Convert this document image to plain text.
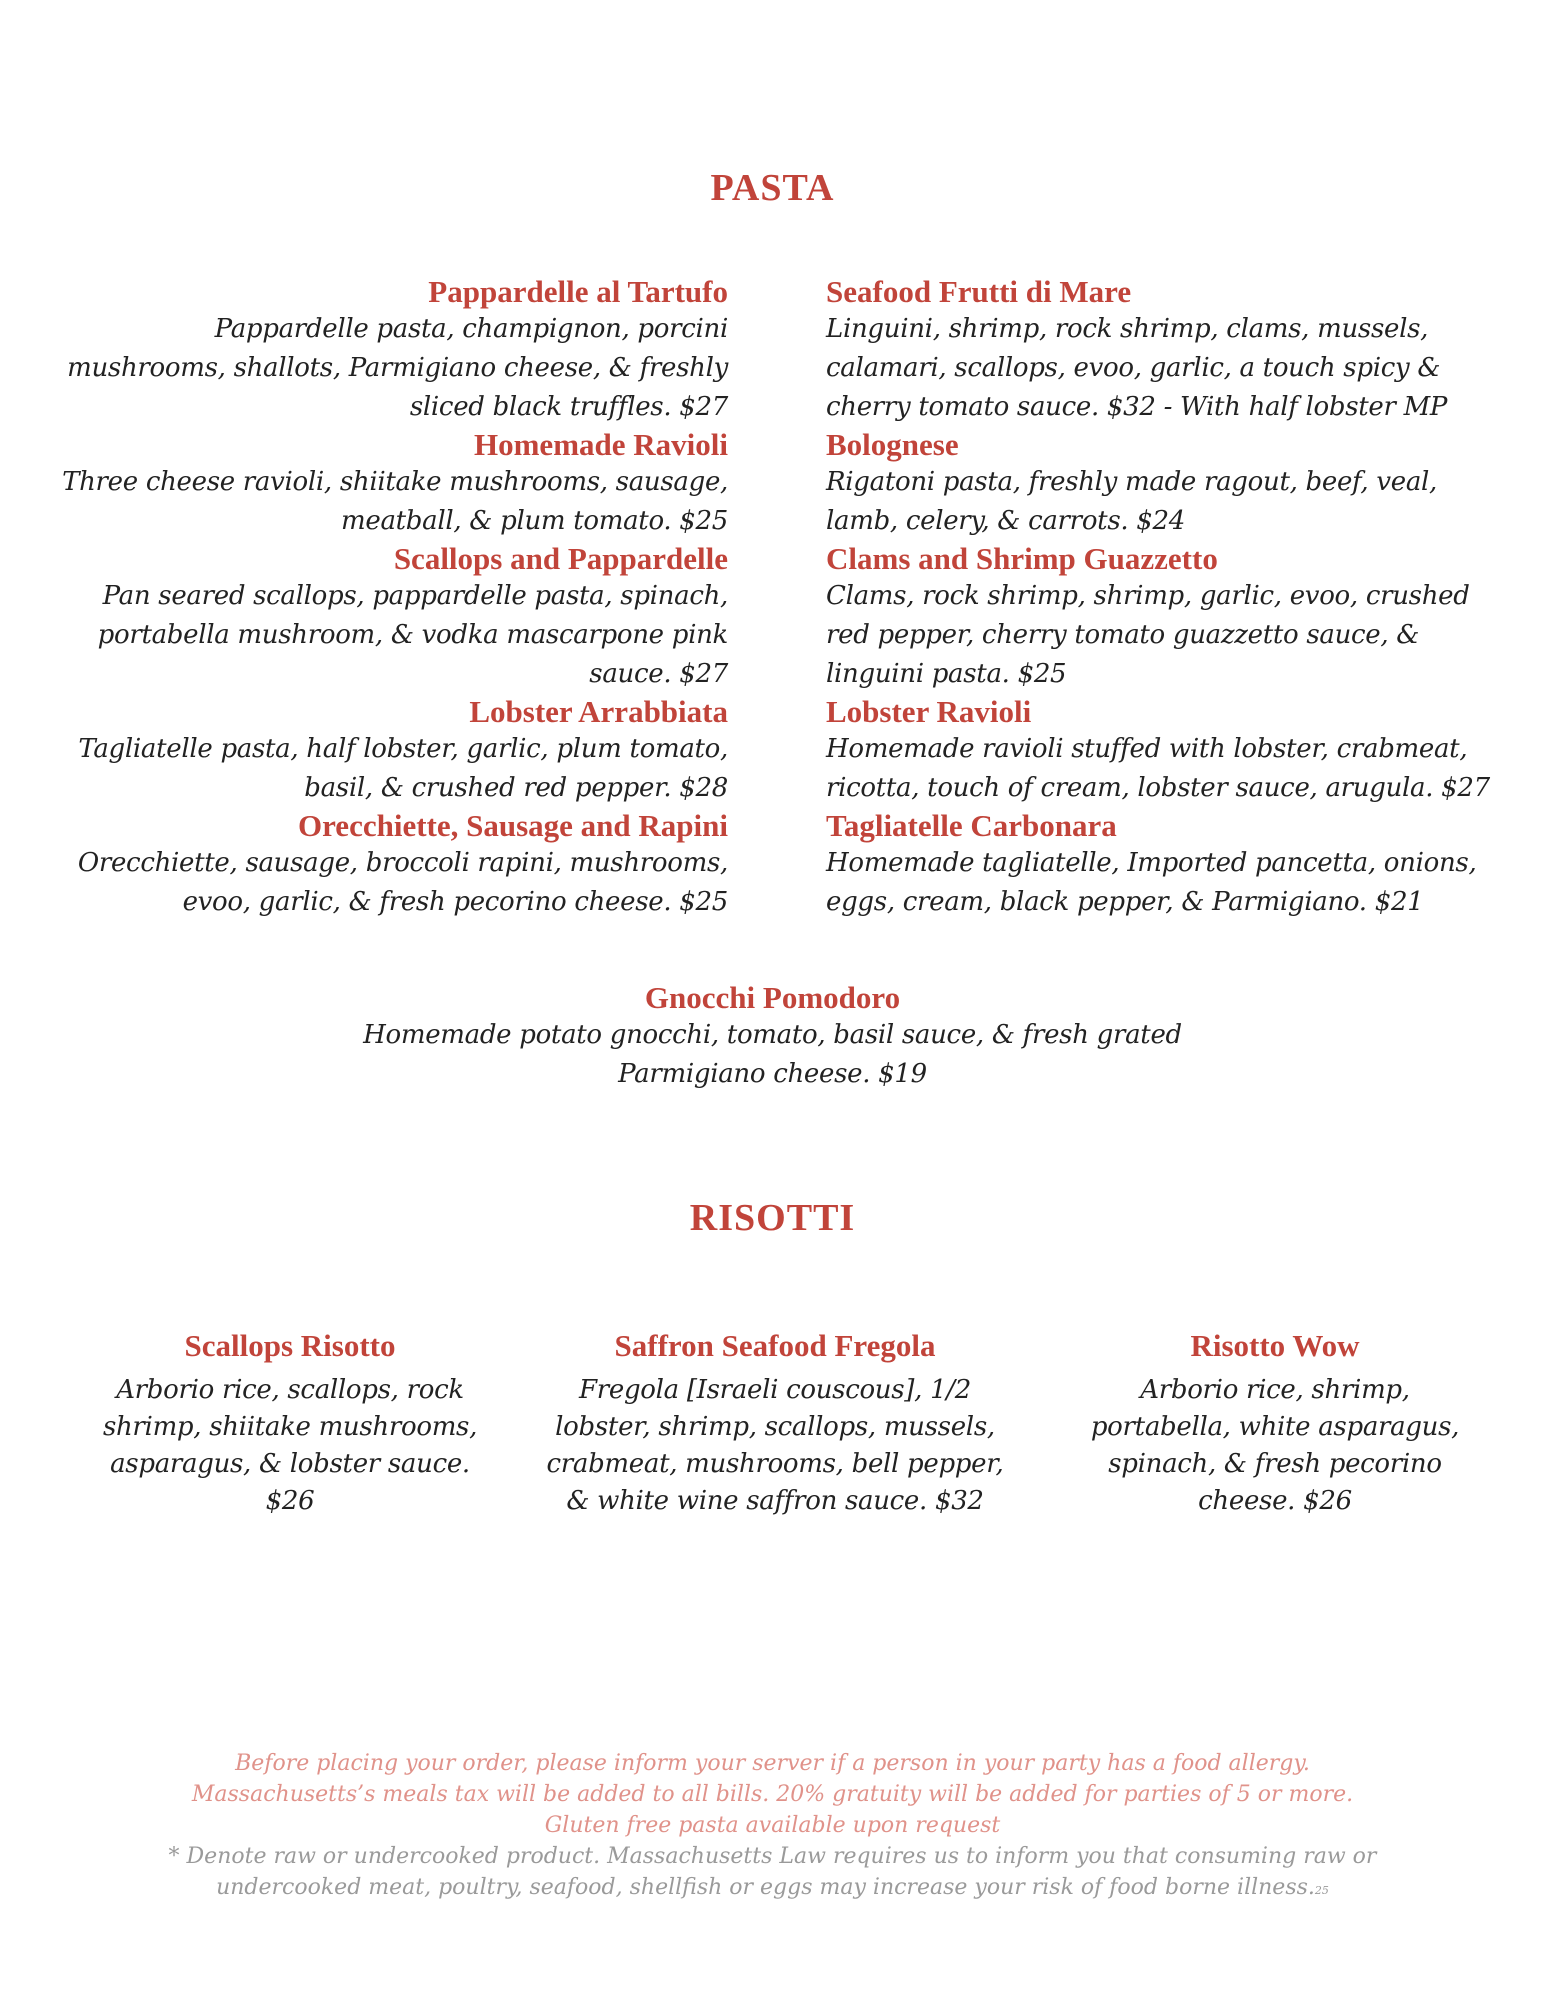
PASTA
Pappardelle al Tartufo
Pappardelle pasta, champignon, porcini
mushrooms, shallots, Parmigiano cheese, & freshly
sliced black truffles. $27
Homemade Ravioli
Three cheese ravioli, shiitake mushrooms, sausage,
meatball, & plum tomato. $25
Scallops and Pappardelle
Pan seared scallops, pappardelle pasta, spinach,
portabella mushroom, & vodka mascarpone pink
sauce. $27
Lobster Arrabbiata
Tagliatelle pasta, half lobster, garlic, plum tomato,
basil, & crushed red pepper. $28
Orecchiette, Sausage and Rapini
Orecchiette, sausage, broccoli rapini, mushrooms,
evoo, garlic, & fresh pecorino cheese. $25
Seafood Frutti di Mare
Linguini, shrimp, rock shrimp, clams, mussels,
calamari, scallops, evoo, garlic, a touch spicy &
cherry tomato sauce. $32 - With half lobster MP
Bolognese
Rigatoni pasta, freshly made ragout, beef, veal,
lamb, celery, & carrots. $24
Clams and Shrimp Guazzetto
Clams, rock shrimp, shrimp, garlic, evoo, crushed
red pepper, cherry tomato guazzetto sauce, &
linguini pasta. $25
Lobster Ravioli
Homemade ravioli stuffed with lobster, crabmeat,
ricotta, touch of cream, lobster sauce, arugula. $27
Tagliatelle Carbonara
Homemade tagliatelle, Imported pancetta, onions,
eggs, cream, black pepper, & Parmigiano. $21
Gnocchi Pomodoro
Homemade potato gnocchi, tomato, basil sauce, & fresh grated
Parmigiano cheese. $19
RISOTTI
Scallops Risotto
Arborio rice, scallops, rock
shrimp, shiitake mushrooms,
asparagus, & lobster sauce.
$26
Saffron Seafood Fregola
Fregola [Israeli couscous], 1/2
lobster, shrimp, scallops, mussels,
crabmeat, mushrooms, bell pepper,
& white wine saffron sauce. $32
Risotto Wow
Arborio rice, shrimp,
portabella, white asparagus,
spinach, & fresh pecorino
cheese. $26
Before placing your order, please inform your server if a person in your party has a food allergy.
Massachusetts’s meals tax will be added to all bills. 20% gratuity will be added for parties of 5 or more.
Gluten free pasta available upon request
* Denote raw or undercooked product. Massachusetts Law requires us to inform you that consuming raw or
undercooked meat, poultry, seafood, shellfish or eggs may increase your risk of food borne illness.25
